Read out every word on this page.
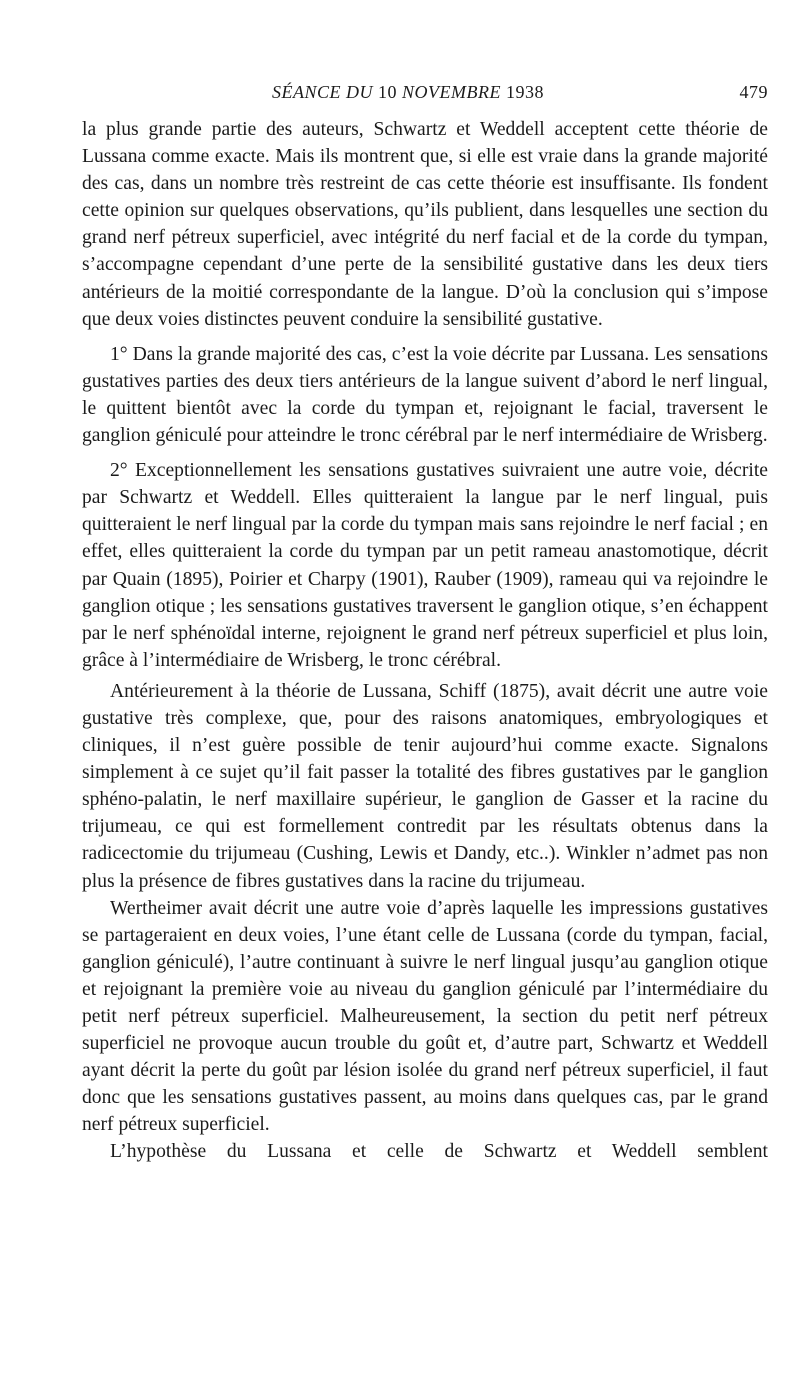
SÉANCE DU 10 NOVEMBRE 1938	479

la plus grande partie des auteurs, Schwartz et Weddell acceptent cette théorie de Lussana comme exacte. Mais ils montrent que, si elle est vraie dans la grande majorité des cas, dans un nombre très restreint de cas cette théorie est insuffisante. Ils fondent cette opinion sur quelques observations, qu’ils publient, dans lesquelles une section du grand nerf pétreux superficiel, avec intégrité du nerf facial et de la corde du tympan, s’accompagne cependant d’une perte de la sensibilité gustative dans les deux tiers antérieurs de la moitié correspondante de la langue. D’où la conclusion qui s’impose que deux voies distinctes peuvent conduire la sensibilité gustative.

1° Dans la grande majorité des cas, c’est la voie décrite par Lussana. Les sensations gustatives parties des deux tiers antérieurs de la langue suivent d’abord le nerf lingual, le quittent bientôt avec la corde du tympan et, rejoignant le facial, traversent le ganglion géniculé pour atteindre le tronc cérébral par le nerf intermédiaire de Wrisberg.

2° Exceptionnellement les sensations gustatives suivraient une autre voie, décrite par Schwartz et Weddell. Elles quitteraient la langue par le nerf lingual, puis quitteraient le nerf lingual par la corde du tympan mais sans rejoindre le nerf facial ; en effet, elles quitteraient la corde du tympan par un petit rameau anastomotique, décrit par Quain (1895), Poirier et Charpy (1901), Rauber (1909), rameau qui va rejoindre le ganglion otique ; les sensations gustatives traversent le ganglion otique, s’en échappent par le nerf sphénoïdal interne, rejoignent le grand nerf pétreux superficiel et plus loin, grâce à l’intermédiaire de Wrisberg, le tronc cérébral.

Antérieurement à la théorie de Lussana, Schiff (1875), avait décrit une autre voie gustative très complexe, que, pour des raisons anatomiques, embryologiques et cliniques, il n’est guère possible de tenir aujourd’hui comme exacte. Signalons simplement à ce sujet qu’il fait passer la totalité des fibres gustatives par le ganglion sphéno-palatin, le nerf maxillaire supérieur, le ganglion de Gasser et la racine du trijumeau, ce qui est formellement contredit par les résultats obtenus dans la radicectomie du trijumeau (Cushing, Lewis et Dandy, etc..). Winkler n’admet pas non plus la présence de fibres gustatives dans la racine du trijumeau.

Wertheimer avait décrit une autre voie d’après laquelle les impressions gustatives se partageraient en deux voies, l’une étant celle de Lussana (corde du tympan, facial, ganglion géniculé), l’autre continuant à suivre le nerf lingual jusqu’au ganglion otique et rejoignant la première voie au niveau du ganglion géniculé par l’intermédiaire du petit nerf pétreux superficiel. Malheureusement, la section du petit nerf pétreux superficiel ne provoque aucun trouble du goût et, d’autre part, Schwartz et Weddell ayant décrit la perte du goût par lésion isolée du grand nerf pétreux superficiel, il faut donc que les sensations gustatives passent, au moins dans quelques cas, par le grand nerf pétreux superficiel.

L’hypothèse du Lussana et celle de Schwartz et Weddell semblent
